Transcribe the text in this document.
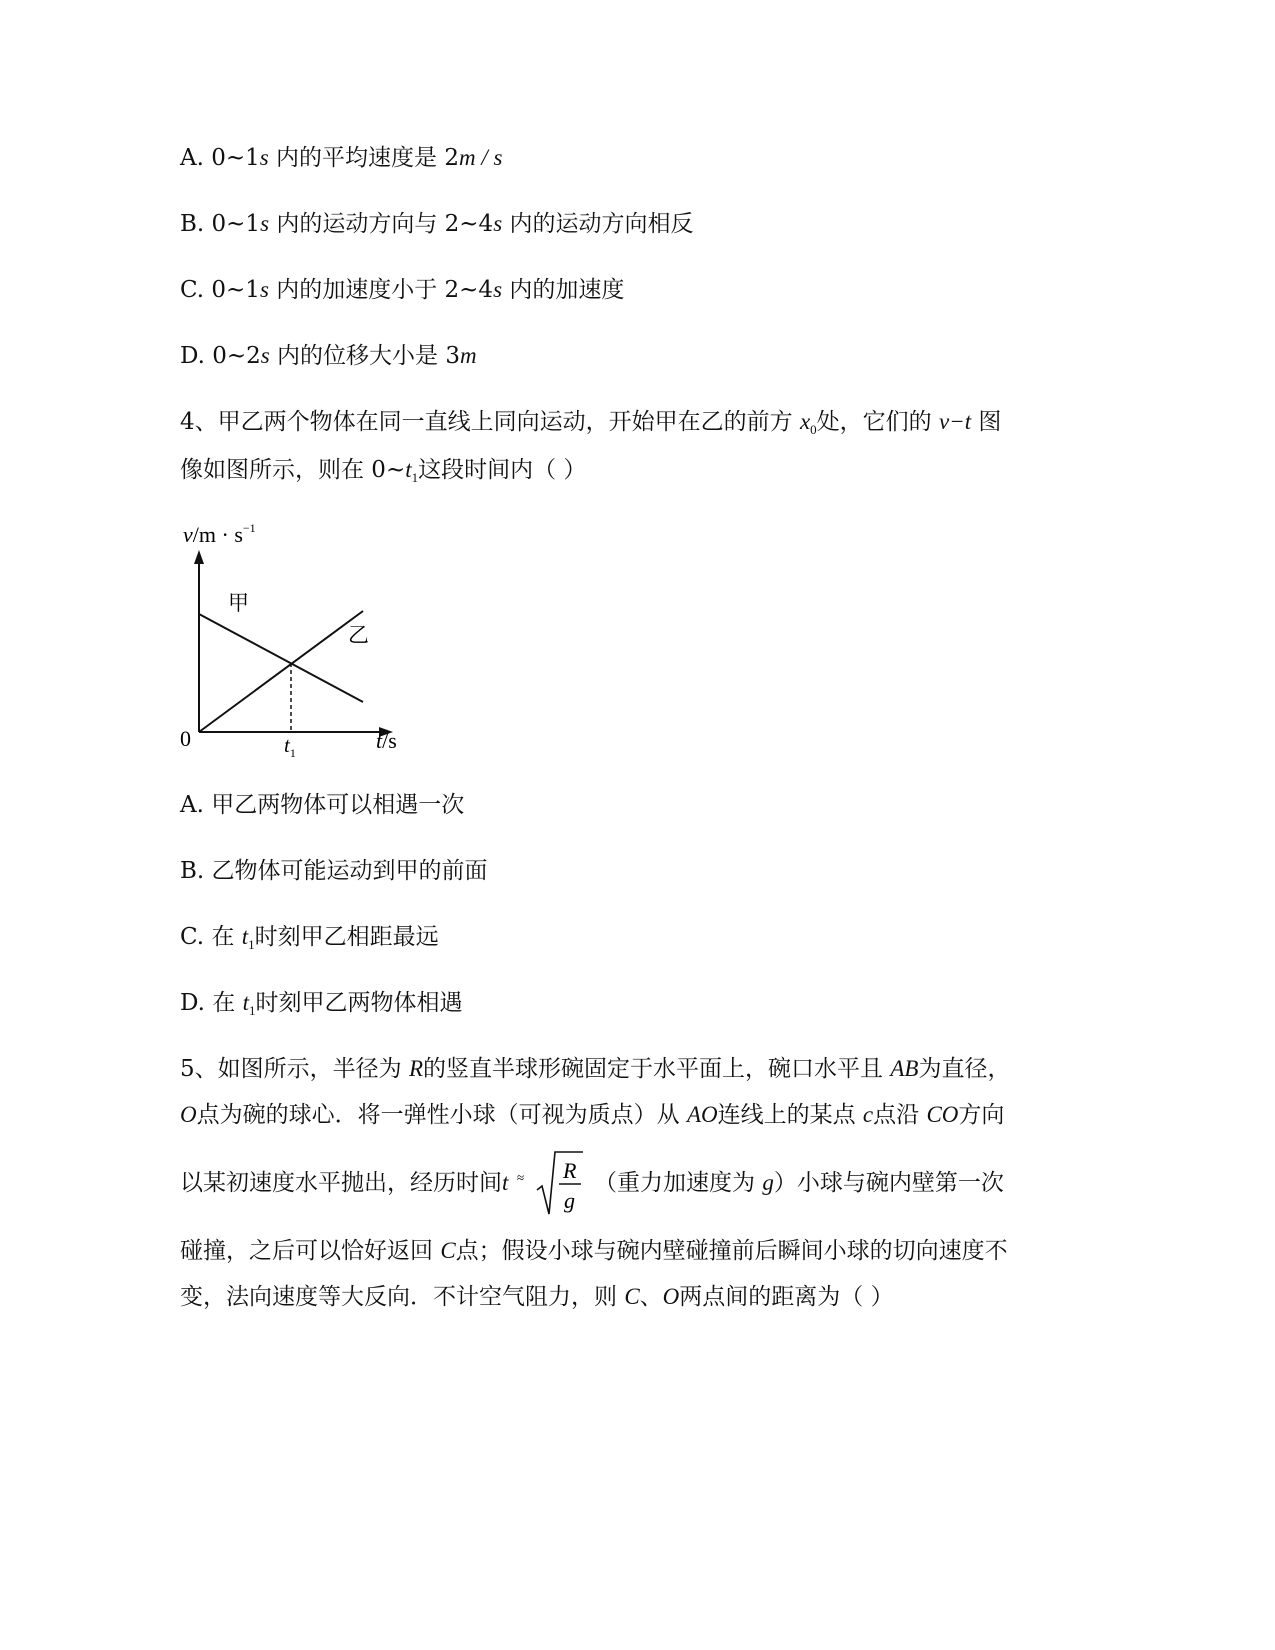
A. 0~1s 内的平均速度是 2m / s
B. 0~1s 内的运动方向与 2~4s 内的运动方向相反
C. 0~1s 内的加速度小于 2~4s 内的加速度
D. 0~2s 内的位移大小是 3m
4、甲乙两个物体在同一直线上同向运动，开始甲在乙的前方 $x_0$处，它们的 v−t 图
像如图所示，则在 $0\sim t_1$这段时间内（ ）
$v/m \cdot s^{-1}$
t/s
0	$t_1$
甲
乙
A. 甲乙两物体可以相遇一次
B. 乙物体可能运动到甲的前面
C. 在 $t_1$时刻甲乙相距最远
D. 在 $t_1$时刻甲乙两物体相遇
5、如图所示，半径为 R的竖直半球形碗固定于水平面上，碗口水平且 AB为直径，
O点为碗的球心．将一弹性小球（可视为质点）从 AO连线上的某点 c点沿 CO方向
以某初速度水平抛出，经历时间t ≈ R
g
（重力加速度为 g）小球与碗内壁第一次
碰撞，之后可以恰好返回 C点；假设小球与碗内壁碰撞前后瞬间小球的切向速度不
变，法向速度等大反向．不计空气阻力，则 C、O两点间的距离为（ ）
